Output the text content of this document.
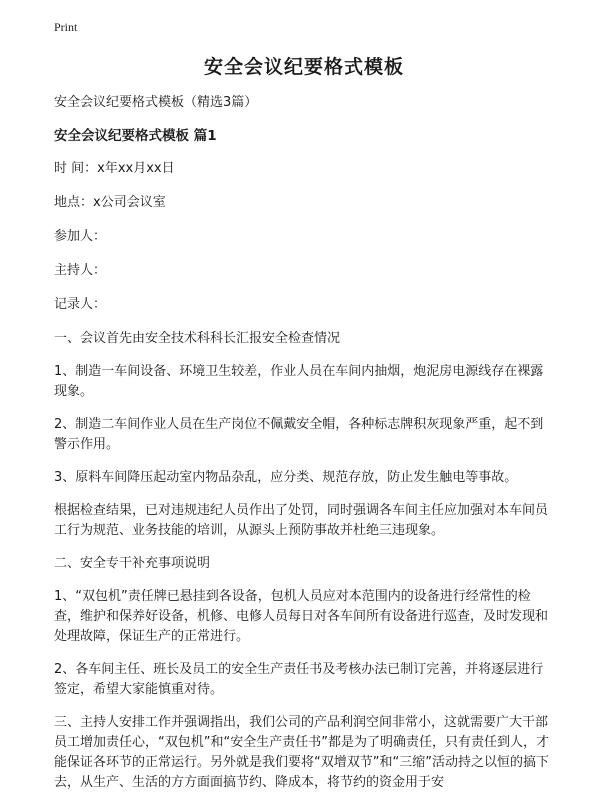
Print
安全会议纪要格式模板
安全会议纪要格式模板（精选3篇）
安全会议纪要格式模板 篇1
时 间：x年xx月xx日
地点：x公司会议室
参加人：
主持人：
记录人：
一、会议首先由安全技术科科长汇报安全检查情况
1、制造一车间设备、环境卫生较差，作业人员在车间内抽烟，炮泥房电源线存在裸露现象。
2、制造二车间作业人员在生产岗位不佩戴安全帽，各种标志牌积灰现象严重，起不到警示作用。
3、原料车间降压起动室内物品杂乱，应分类、规范存放，防止发生触电等事故。
根据检查结果，已对违规违纪人员作出了处罚，同时强调各车间主任应加强对本车间员工行为规范、业务技能的培训，从源头上预防事故并杜绝三违现象。
二、安全专干补充事项说明
1、“双包机”责任牌已悬挂到各设备，包机人员应对本范围内的设备进行经常性的检查，维护和保养好设备，机修、电修人员每日对各车间所有设备进行巡查，及时发现和处理故障，保证生产的正常进行。
2、各车间主任、班长及员工的安全生产责任书及考核办法已制订完善，并将逐层进行签定，希望大家能慎重对待。
三、主持人安排工作并强调指出，我们公司的产品利润空间非常小，这就需要广大干部员工增加责任心，“双包机”和“安全生产责任书”都是为了明确责任，只有责任到人，才能保证各环节的正常运行。另外就是我们要将“双增双节”和“三缩”活动持之以恒的搞下去，从生产、生活的方方面面搞节约、降成本，将节约的资金用于安
